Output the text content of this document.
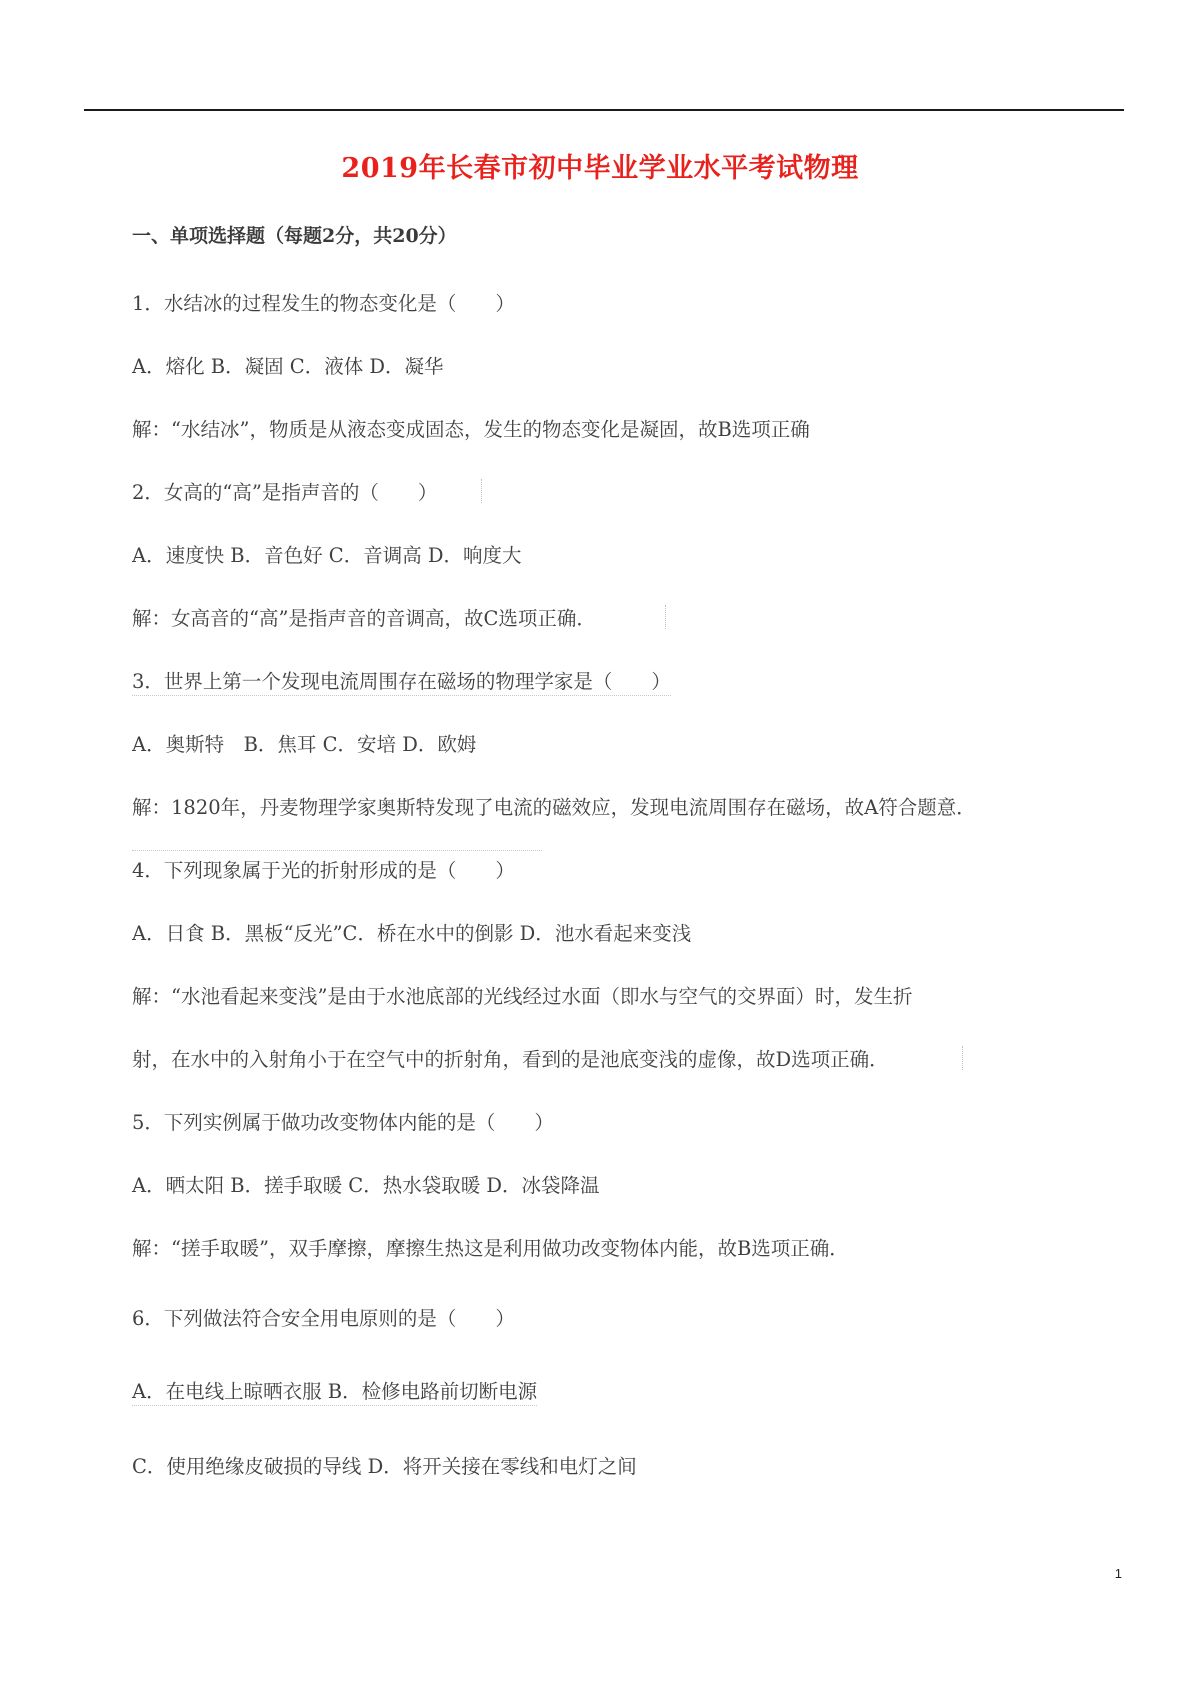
2019年长春市初中毕业学业水平考试物理
一、单项选择题（每题2分，共20分）

1．水结冰的过程发生的物态变化是（　　）

A．熔化 B．凝固 C．液体 D．凝华

解：“水结冰”，物质是从液态变成固态，发生的物态变化是凝固，故B选项正确

2．女高的“高”是指声音的（　　）

A．速度快 B．音色好 C．音调高 D．响度大

解：女高音的“高”是指声音的音调高，故C选项正确．

3．世界上第一个发现电流周围存在磁场的物理学家是（　　）

A．奥斯特　B．焦耳 C．安培 D．欧姆

解：1820年，丹麦物理学家奥斯特发现了电流的磁效应，发现电流周围存在磁场，故A符合题意．

4．下列现象属于光的折射形成的是（　　）

A．日食 B．黑板“反光”C．桥在水中的倒影 D．池水看起来变浅

解：“水池看起来变浅”是由于水池底部的光线经过水面（即水与空气的交界面）时，发生折

射，在水中的入射角小于在空气中的折射角，看到的是池底变浅的虚像，故D选项正确．

5．下列实例属于做功改变物体内能的是（　　）

A．晒太阳 B．搓手取暖 C．热水袋取暖 D．冰袋降温

解：“搓手取暖”，双手摩擦，摩擦生热这是利用做功改变物体内能，故B选项正确．

6．下列做法符合安全用电原则的是（　　）

A．在电线上晾晒衣服 B．检修电路前切断电源

C．使用绝缘皮破损的导线 D．将开关接在零线和电灯之间

1
